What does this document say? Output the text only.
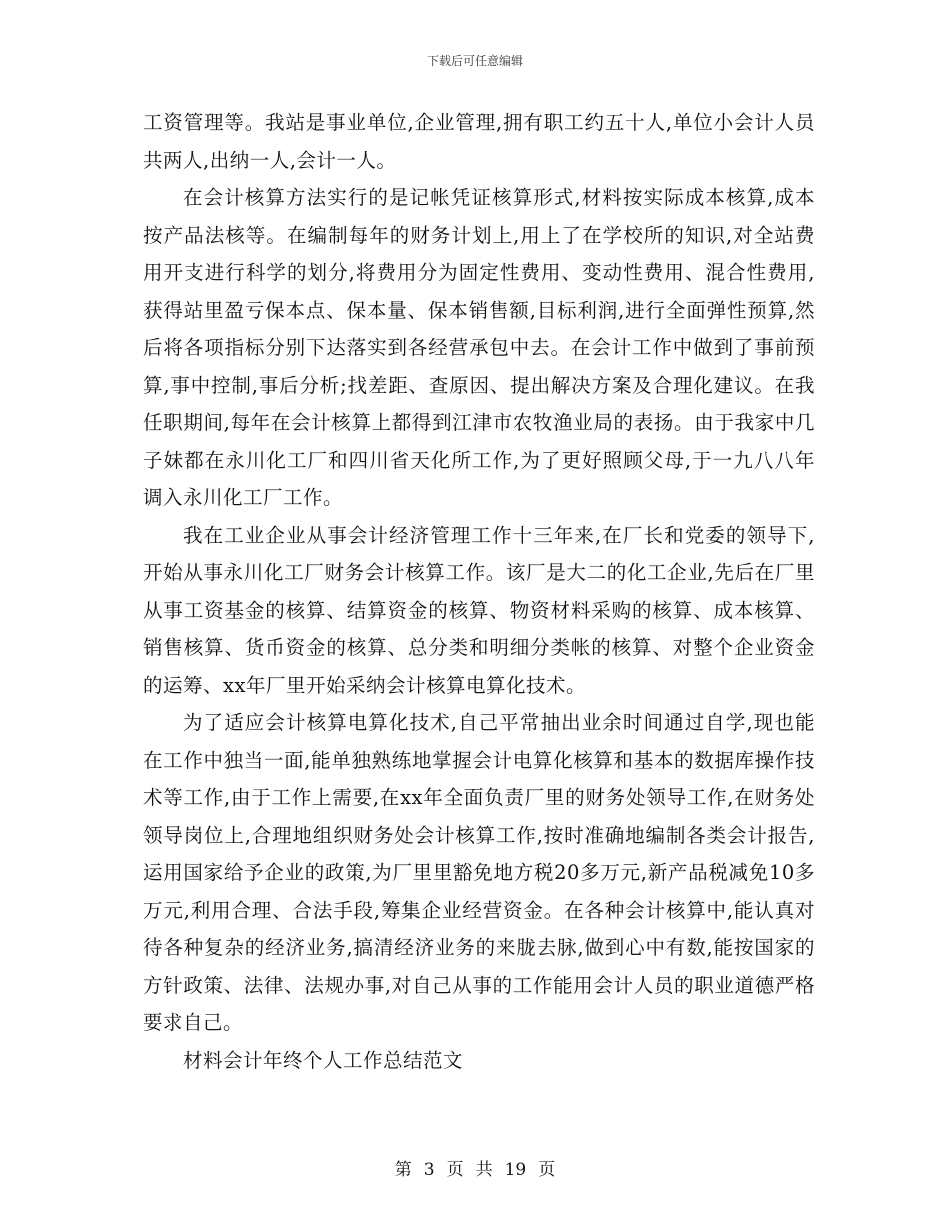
下载后可任意编辑

工资管理等。我站是事业单位,企业管理,拥有职工约五十人,单位小会计人员共两人,出纳一人,会计一人。

在会计核算方法实行的是记帐凭证核算形式,材料按实际成本核算,成本按产品法核等。在编制每年的财务计划上,用上了在学校所的知识,对全站费用开支进行科学的划分,将费用分为固定性费用、变动性费用、混合性费用,获得站里盈亏保本点、保本量、保本销售额,目标利润,进行全面弹性预算,然后将各项指标分别下达落实到各经营承包中去。在会计工作中做到了事前预算,事中控制,事后分析;找差距、查原因、提出解决方案及合理化建议。在我任职期间,每年在会计核算上都得到江津市农牧渔业局的表扬。由于我家中几子妹都在永川化工厂和四川省天化所工作,为了更好照顾父母,于一九八八年调入永川化工厂工作。

我在工业企业从事会计经济管理工作十三年来,在厂长和党委的领导下,开始从事永川化工厂财务会计核算工作。该厂是大二的化工企业,先后在厂里从事工资基金的核算、结算资金的核算、物资材料采购的核算、成本核算、销售核算、货币资金的核算、总分类和明细分类帐的核算、对整个企业资金的运筹、xx年厂里开始采纳会计核算电算化技术。

为了适应会计核算电算化技术,自己平常抽出业余时间通过自学,现也能在工作中独当一面,能单独熟练地掌握会计电算化核算和基本的数据库操作技术等工作,由于工作上需要,在xx年全面负责厂里的财务处领导工作,在财务处领导岗位上,合理地组织财务处会计核算工作,按时准确地编制各类会计报告,运用国家给予企业的政策,为厂里里豁免地方税20多万元,新产品税减免10多万元,利用合理、合法手段,筹集企业经营资金。在各种会计核算中,能认真对待各种复杂的经济业务,搞清经济业务的来胧去脉,做到心中有数,能按国家的方针政策、法律、法规办事,对自己从事的工作能用会计人员的职业道德严格要求自己。

材料会计年终个人工作总结范文

第 3 页 共 19 页
